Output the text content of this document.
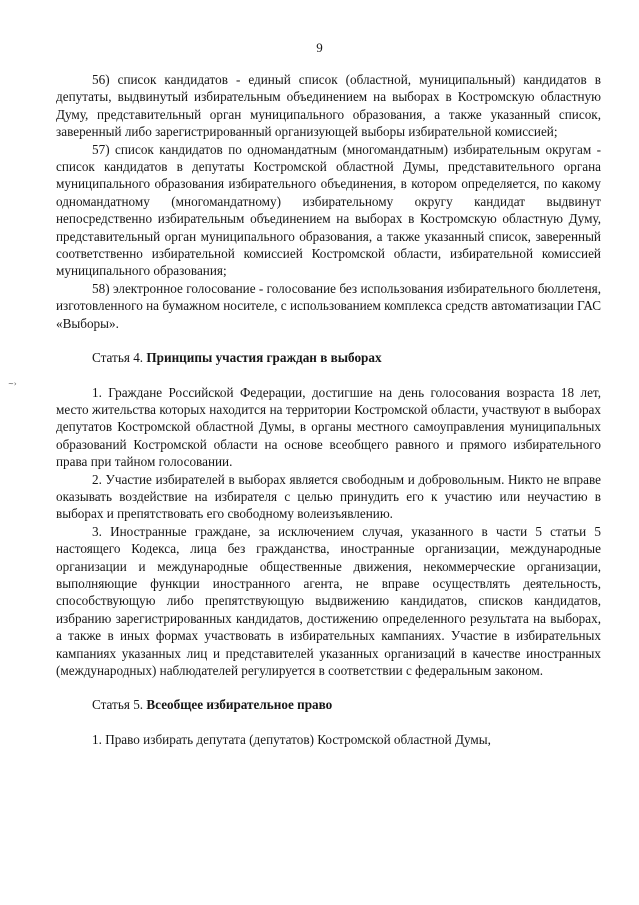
9
~›

56) список кандидатов - единый список (областной, муниципальный) кандидатов в депутаты, выдвинутый избирательным объединением на выборах в Костромскую областную Думу, представительный орган муниципального образования, а также указанный список, заверенный либо зарегистрированный организующей выборы избирательной комиссией;

57) список кандидатов по одномандатным (многомандатным) избирательным округам - список кандидатов в депутаты Костромской областной Думы, представительного органа муниципального образования избирательного объединения, в котором определяется, по какому одномандатному (многомандатному) избирательному округу кандидат выдвинут непосредственно избирательным объединением на выборах в Костромскую областную Думу, представительный орган муниципального образования, а также указанный список, заверенный соответственно избирательной комиссией Костромской области, избирательной комиссией муниципального образования;

58) электронное голосование - голосование без использования избирательного бюллетеня, изготовленного на бумажном носителе, с использованием комплекса средств автоматизации ГАС «Выборы».

Статья 4. Принципы участия граждан в выборах

1. Граждане Российской Федерации, достигшие на день голосования возраста 18 лет, место жительства которых находится на территории Костромской области, участвуют в выборах депутатов Костромской областной Думы, в органы местного самоуправления муниципальных образований Костромской области на основе всеобщего равного и прямого избирательного права при тайном голосовании.

2. Участие избирателей в выборах является свободным и добровольным. Никто не вправе оказывать воздействие на избирателя с целью принудить его к участию или неучастию в выборах и препятствовать его свободному волеизъявлению.

3. Иностранные граждане, за исключением случая, указанного в части 5 статьи 5 настоящего Кодекса, лица без гражданства, иностранные организации, международные организации и международные общественные движения, некоммерческие организации, выполняющие функции иностранного агента, не вправе осуществлять деятельность, способствующую либо препятствующую выдвижению кандидатов, списков кандидатов, избранию зарегистрированных кандидатов, достижению определенного результата на выборах, а также в иных формах участвовать в избирательных кампаниях. Участие в избирательных кампаниях указанных лиц и представителей указанных организаций в качестве иностранных (международных) наблюдателей регулируется в соответствии с федеральным законом.

Статья 5. Всеобщее избирательное право

1. Право избирать депутата (депутатов) Костромской областной Думы,
